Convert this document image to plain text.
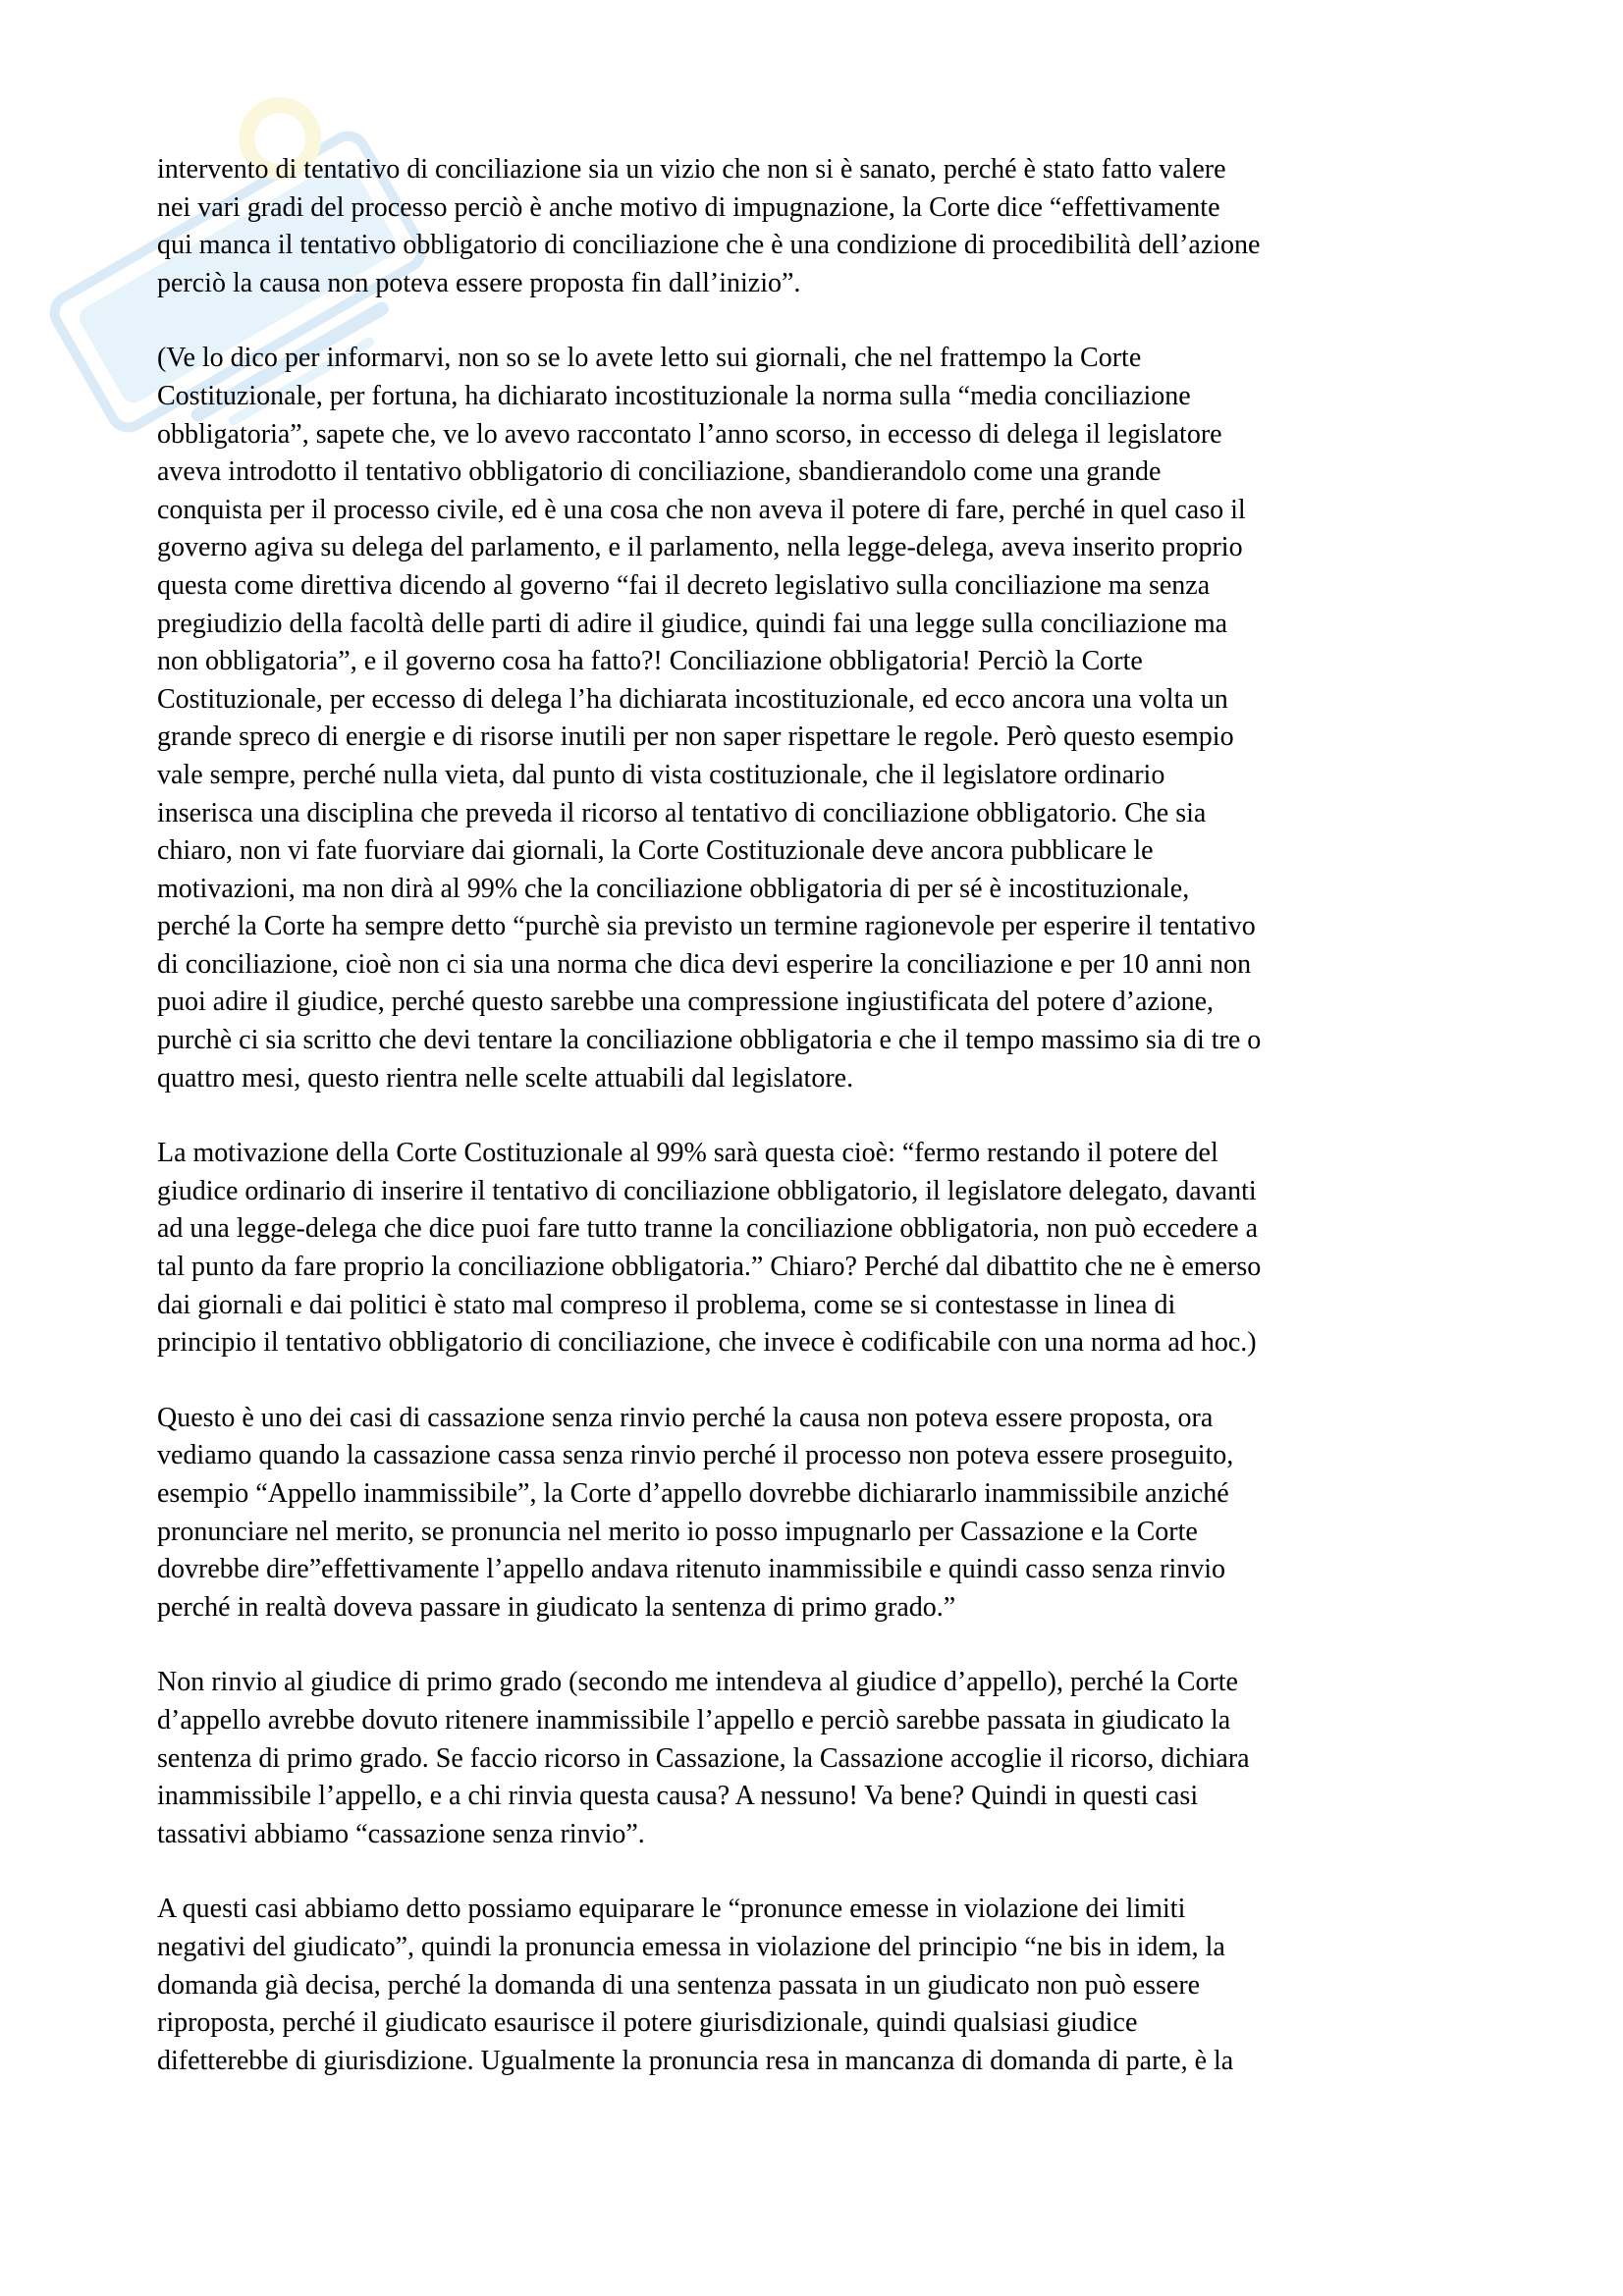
intervento di tentativo di conciliazione sia un vizio che non si è sanato, perché è stato fatto valere
nei vari gradi del processo perciò è anche motivo di impugnazione, la Corte dice “effettivamente
qui manca il tentativo obbligatorio di conciliazione che è una condizione di procedibilità dell’azione
perciò la causa non poteva essere proposta fin dall’inizio”.

(Ve lo dico per informarvi, non so se lo avete letto sui giornali, che nel frattempo la Corte
Costituzionale, per fortuna, ha dichiarato incostituzionale la norma sulla “media conciliazione
obbligatoria”, sapete che, ve lo avevo raccontato l’anno scorso, in eccesso di delega il legislatore
aveva introdotto il tentativo obbligatorio di conciliazione, sbandierandolo come una grande
conquista per il processo civile, ed è una cosa che non aveva il potere di fare, perché in quel caso il
governo agiva su delega del parlamento, e il parlamento, nella legge-delega, aveva inserito proprio
questa come direttiva dicendo al governo “fai il decreto legislativo sulla conciliazione ma senza
pregiudizio della facoltà delle parti di adire il giudice, quindi fai una legge sulla conciliazione ma
non obbligatoria”, e il governo cosa ha fatto?! Conciliazione obbligatoria! Perciò la Corte
Costituzionale, per eccesso di delega l’ha dichiarata incostituzionale, ed ecco ancora una volta un
grande spreco di energie e di risorse inutili per non saper rispettare le regole. Però questo esempio
vale sempre, perché nulla vieta, dal punto di vista costituzionale, che il legislatore ordinario
inserisca una disciplina che preveda il ricorso al tentativo di conciliazione obbligatorio. Che sia
chiaro, non vi fate fuorviare dai giornali, la Corte Costituzionale deve ancora pubblicare le
motivazioni, ma non dirà al 99% che la conciliazione obbligatoria di per sé è incostituzionale,
perché la Corte ha sempre detto “purchè sia previsto un termine ragionevole per esperire il tentativo
di conciliazione, cioè non ci sia una norma che dica devi esperire la conciliazione e per 10 anni non
puoi adire il giudice, perché questo sarebbe una compressione ingiustificata del potere d’azione,
purchè ci sia scritto che devi tentare la conciliazione obbligatoria e che il tempo massimo sia di tre o
quattro mesi, questo rientra nelle scelte attuabili dal legislatore.

La motivazione della Corte Costituzionale al 99% sarà questa cioè: “fermo restando il potere del
giudice ordinario di inserire il tentativo di conciliazione obbligatorio, il legislatore delegato, davanti
ad una legge-delega che dice puoi fare tutto tranne la conciliazione obbligatoria, non può eccedere a
tal punto da fare proprio la conciliazione obbligatoria.” Chiaro? Perché dal dibattito che ne è emerso
dai giornali e dai politici è stato mal compreso il problema, come se si contestasse in linea di
principio il tentativo obbligatorio di conciliazione, che invece è codificabile con una norma ad hoc.)

Questo è uno dei casi di cassazione senza rinvio perché la causa non poteva essere proposta, ora
vediamo quando la cassazione cassa senza rinvio perché il processo non poteva essere proseguito,
esempio “Appello inammissibile”, la Corte d’appello dovrebbe dichiararlo inammissibile anziché
pronunciare nel merito, se pronuncia nel merito io posso impugnarlo per Cassazione e la Corte
dovrebbe dire”effettivamente l’appello andava ritenuto inammissibile e quindi casso senza rinvio
perché in realtà doveva passare in giudicato la sentenza di primo grado.”

Non rinvio al giudice di primo grado (secondo me intendeva al giudice d’appello), perché la Corte
d’appello avrebbe dovuto ritenere inammissibile l’appello e perciò sarebbe passata in giudicato la
sentenza di primo grado. Se faccio ricorso in Cassazione, la Cassazione accoglie il ricorso, dichiara
inammissibile l’appello, e a chi rinvia questa causa? A nessuno! Va bene? Quindi in questi casi
tassativi abbiamo “cassazione senza rinvio”.

A questi casi abbiamo detto possiamo equiparare le “pronunce emesse in violazione dei limiti
negativi del giudicato”, quindi la pronuncia emessa in violazione del principio “ne bis in idem, la
domanda già decisa, perché la domanda di una sentenza passata in un giudicato non può essere
riproposta, perché il giudicato esaurisce il potere giurisdizionale, quindi qualsiasi giudice
difetterebbe di giurisdizione. Ugualmente la pronuncia resa in mancanza di domanda di parte, è la
